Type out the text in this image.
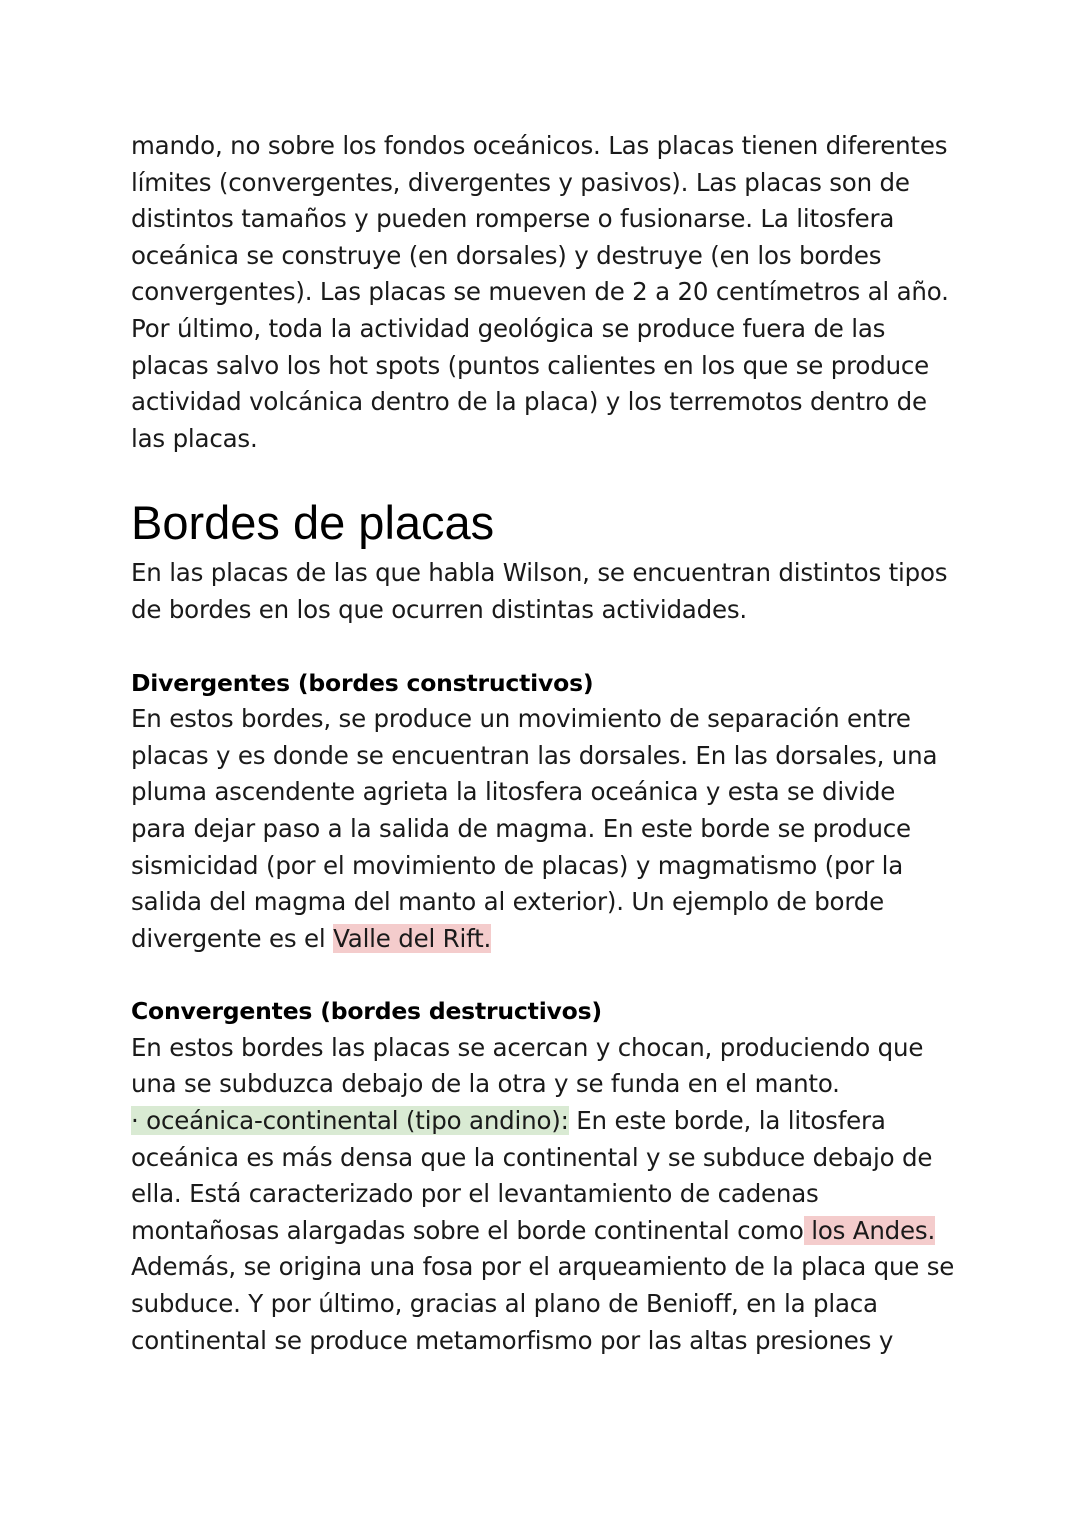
mando, no sobre los fondos oceánicos. Las placas tienen diferentes
límites (convergentes, divergentes y pasivos). Las placas son de
distintos tamaños y pueden romperse o fusionarse. La litosfera
oceánica se construye (en dorsales) y destruye (en los bordes
convergentes). Las placas se mueven de 2 a 20 centímetros al año.
Por último, toda la actividad geológica se produce fuera de las
placas salvo los hot spots (puntos calientes en los que se produce
actividad volcánica dentro de la placa) y los terremotos dentro de
las placas.
Bordes de placas
En las placas de las que habla Wilson, se encuentran distintos tipos
de bordes en los que ocurren distintas actividades.
Divergentes (bordes constructivos)
En estos bordes, se produce un movimiento de separación entre
placas y es donde se encuentran las dorsales. En las dorsales, una
pluma ascendente agrieta la litosfera oceánica y esta se divide
para dejar paso a la salida de magma. En este borde se produce
sismicidad (por el movimiento de placas) y magmatismo (por la
salida del magma del manto al exterior). Un ejemplo de borde
divergente es el Valle del Rift.
Convergentes (bordes destructivos)
En estos bordes las placas se acercan y chocan, produciendo que
una se subduzca debajo de la otra y se funda en el manto.
· oceánica-continental (tipo andino): En este borde, la litosfera
oceánica es más densa que la continental y se subduce debajo de
ella. Está caracterizado por el levantamiento de cadenas
montañosas alargadas sobre el borde continental como los Andes.
Además, se origina una fosa por el arqueamiento de la placa que se
subduce. Y por último, gracias al plano de Benioff, en la placa
continental se produce metamorfismo por las altas presiones y
